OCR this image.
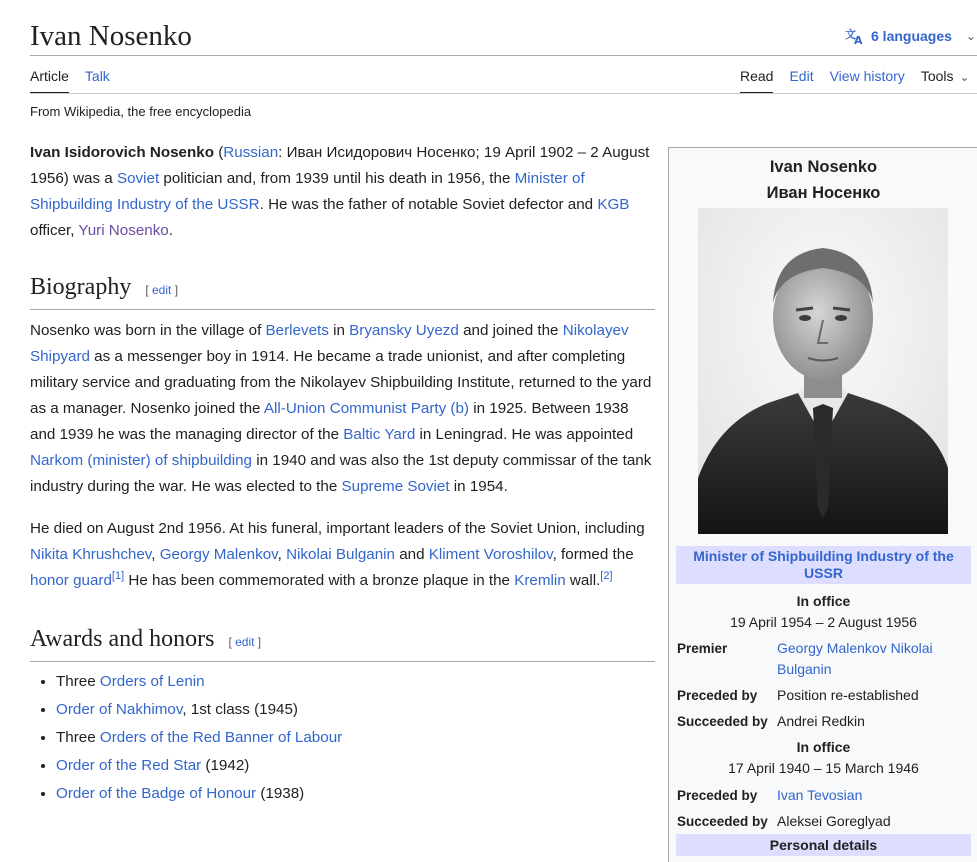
Ivan Nosenko	文
A 6 languages ⌄
Article Talk	Read Edit View history Tools ⌄
From Wikipedia, the free encyclopedia

Ivan Isidorovich Nosenko (Russian: Иван Исидорович Носенко; 19 April 1902 – 2 August 1956) was a Soviet politician and, from 1939 until his death in 1956, the Minister of Shipbuilding Industry of the USSR. He was the father of notable Soviet defector and KGB officer, Yuri Nosenko.

Biography [ edit ]

Nosenko was born in the village of Berlevets in Bryansky Uyezd and joined the Nikolayev Shipyard as a messenger boy in 1914. He became a trade unionist, and after completing military service and graduating from the Nikolayev Shipbuilding Institute, returned to the yard as a manager. Nosenko joined the All-Union Communist Party (b) in 1925. Between 1938 and 1939 he was the managing director of the Baltic Yard in Leningrad. He was appointed Narkom (minister) of shipbuilding in 1940 and was also the 1st deputy commissar of the tank industry during the war. He was elected to the Supreme Soviet in 1954.

He died on August 2nd 1956. At his funeral, important leaders of the Soviet Union, including Nikita Khrushchev, Georgy Malenkov, Nikolai Bulganin and Kliment Voroshilov, formed the honor guard[1] He has been commemorated with a bronze plaque in the Kremlin wall.[2]

Awards and honors [ edit ]
• Three Orders of Lenin
• Order of Nakhimov, 1st class (1945)
• Three Orders of the Red Banner of Labour
• Order of the Red Star (1942)
• Order of the Badge of Honour (1938)
Ivan Nosenko
Иван Носенко
Minister of Shipbuilding Industry of the USSR
In office
19 April 1954 – 2 August 1956
Premier	Georgy Malenkov Nikolai Bulganin
Preceded by	Position re-established
Succeeded by Andrei Redkin
In office
17 April 1940 – 15 March 1946
Preceded by	Ivan Tevosian
Succeeded by Aleksei Goreglyad
Personal details
